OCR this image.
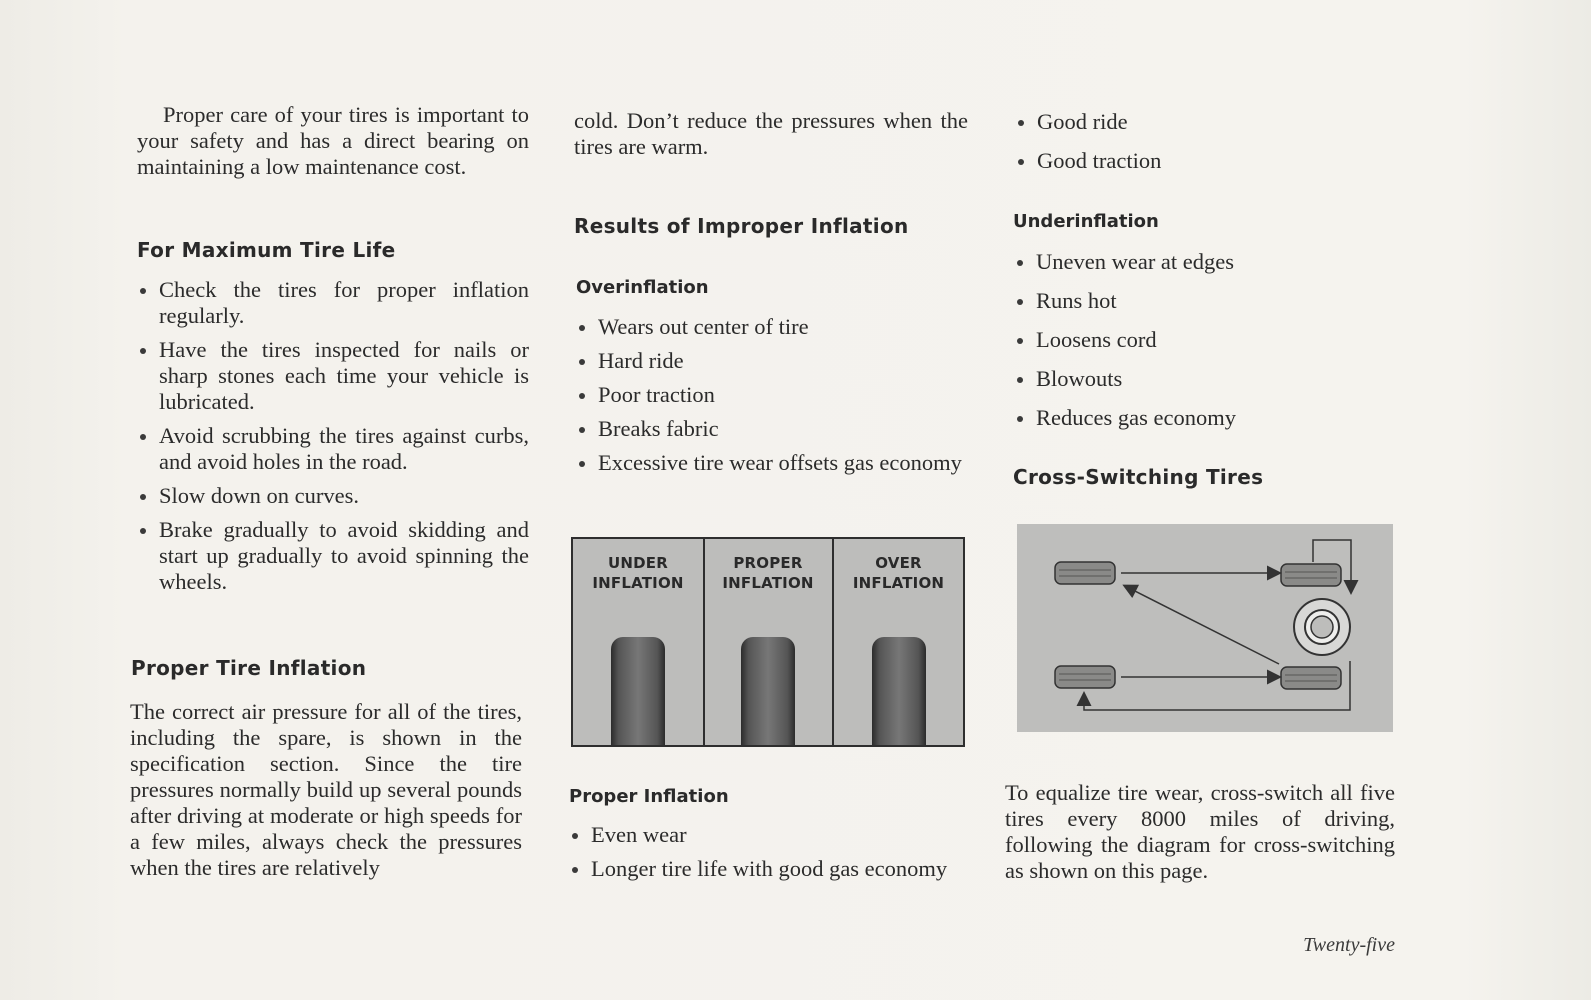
Proper care of your tires is important to your safety and has a direct bearing on maintaining a low maintenance cost.

For Maximum Tire Life
Check the tires for proper inflation regularly.
Have the tires inspected for nails or sharp stones each time your vehicle is lubricated.
Avoid scrubbing the tires against curbs, and avoid holes in the road.
Slow down on curves.
Brake gradually to avoid skidding and start up gradually to avoid spinning the wheels.
Proper Tire Inflation

The correct air pressure for all of the tires, including the spare, is shown in the specification section. Since the tire pressures normally build up several pounds after driving at moderate or high speeds for a few miles, always check the pressures when the tires are relatively

cold. Don’t reduce the pressures when the tires are warm.

Results of Improper Inflation
Overinflation
Wears out center of tire
Hard ride
Poor traction
Breaks fabric
Excessive tire wear offsets gas economy
UNDER
INFLATION
PROPER
INFLATION
OVER
INFLATION
Proper Inflation
Even wear
Longer tire life with good gas economy
Good ride
Good traction
Underinflation
Uneven wear at edges
Runs hot
Loosens cord
Blowouts
Reduces gas economy
Cross-Switching Tires

To equalize tire wear, cross-switch all five tires every 8000 miles of driving, following the diagram for cross-switching as shown on this page.

Twenty-five
